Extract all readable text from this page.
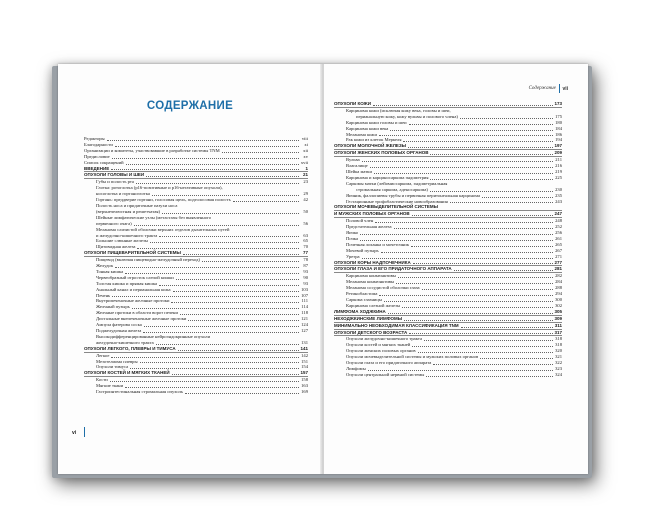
СОДЕРЖАНИЕ
Редакторы	viii
Благодарности	xi
Организации и комитеты, участвовавшие в разработке системы TNM	xii
Предисловие	xv
Список сокращений	xvii
ВВЕДЕНИЕ	1
ОПУХОЛИ ГОЛОВЫ И ШЕИ	21
Губы и полость рта	23
Глотка: ротоглотка (p16-позитивные и p16-негативные опухоли),
носоглотка и гортаноглотка	29
Гортань: преддверие гортани, голосовая щель, подголосовая полость	42
Полость носа и придаточные пазухи носа
(верхнечелюстная и решетчатая)	50
Шейные лимфатические узлы (метастазы без выявленного
первичного очага)	56
Меланома слизистой оболочки верхних отделов дыхательных путей
и желудочно-кишечного тракта	63
Большие слюнные железы	65
Щитовидная железа	70
ОПУХОЛИ ПИЩЕВАРИТЕЛЬНОЙ СИСТЕМЫ	77
Пищевод (включая пищеводно-желудочный переход)	78
Желудок	87
Тонкая кишка	93
Червеобразный отросток слепой кишки	90
Толстая кишка и прямая кишка	93
Анальный канал и перианальная кожа	103
Печень	107
Внутрипеченочные желчные протоки	111
Желчный пузырь	114
Желчные протоки в области ворот печени	118
Дистальные внепеченочные желчные протоки	121
Ампула фатерова соска	124
Поджелудочная железа	127
Высокодифференцированные нейроэндокринные опухоли
желудочно-кишечного тракта	131
ОПУХОЛИ ЛЕГКОГО, ПЛЕВРЫ И ТИМУСА	141
Легкое	142
Мезотелиома плевры	151
Опухоли тимуса	154
ОПУХОЛИ КОСТЕЙ И МЯГКИХ ТКАНЕЙ	157
Кости	158
Мягкие ткани	163
Гастроинтестинальная стромальная опухоль	169
vi
Содержание vii
ОПУХОЛИ КОЖИ	173
Карцинома кожи (исключая кожу века, головы и шеи,
перианальную кожу, кожу вульвы и полового члена)	175
Карцинома кожи головы и шеи	180
Карцинома кожи века	184
Меланома кожи	186
Рак кожи из клеток Меркеля	194
ОПУХОЛИ МОЛОЧНОЙ ЖЕЛЕЗЫ	197
ОПУХОЛИ ЖЕНСКИХ ПОЛОВЫХ ОРГАНОВ	209
Вульва	211
Влагалище	216
Шейка матки	219
Карцинома и карциносаркома эндометрия	225
Саркомы матки (лейомиосаркома, эндометриальная
стромальная саркома, аденосаркома)	230
Яичник, фаллопиевы трубы и первичная перитонеальная карцинома	235
Гестационные трофобластические новообразования	243
ОПУХОЛИ МОЧЕВЫДЕЛИТЕЛЬНОЙ СИСТЕМЫ
И МУЖСКИХ ПОЛОВЫХ ОРГАНОВ	247
Половой член	248
Предстательная железа	252
Яичко	256
Почка	261
Почечная лоханка и мочеточник	265
Мочевой пузырь	267
Уретра	271
ОПУХОЛИ КОРЫ НАДПОЧЕЧНИКА	277
ОПУХОЛИ ГЛАЗА И ЕГО ПРИДАТОЧНОГО АППАРАТА	281
Карцинома конъюнктивы	282
Меланома конъюнктивы	284
Меланома сосудистой оболочки глаза	288
Ретинобластома	294
Саркома глазницы	300
Карцинома слезной железы	302
ЛИМФОМА ХОДЖКИНА	305
НЕХОДЖКИНСКИЕ ЛИМФОМЫ	309
МИНИМАЛЬНО НЕОБХОДИМАЯ КЛАССИФИКАЦИЯ TNM	311
ОПУХОЛИ ДЕТСКОГО ВОЗРАСТА	317
Опухоли желудочно-кишечного тракта	318
Опухоли костей и мягких тканей	318
Опухоли женских половых органов	320
Опухоли мочевыделительной системы и мужских половых органов	321
Опухоли глаза и его придаточного аппарата	322
Лимфомы	323
Опухоли центральной нервной системы	324
